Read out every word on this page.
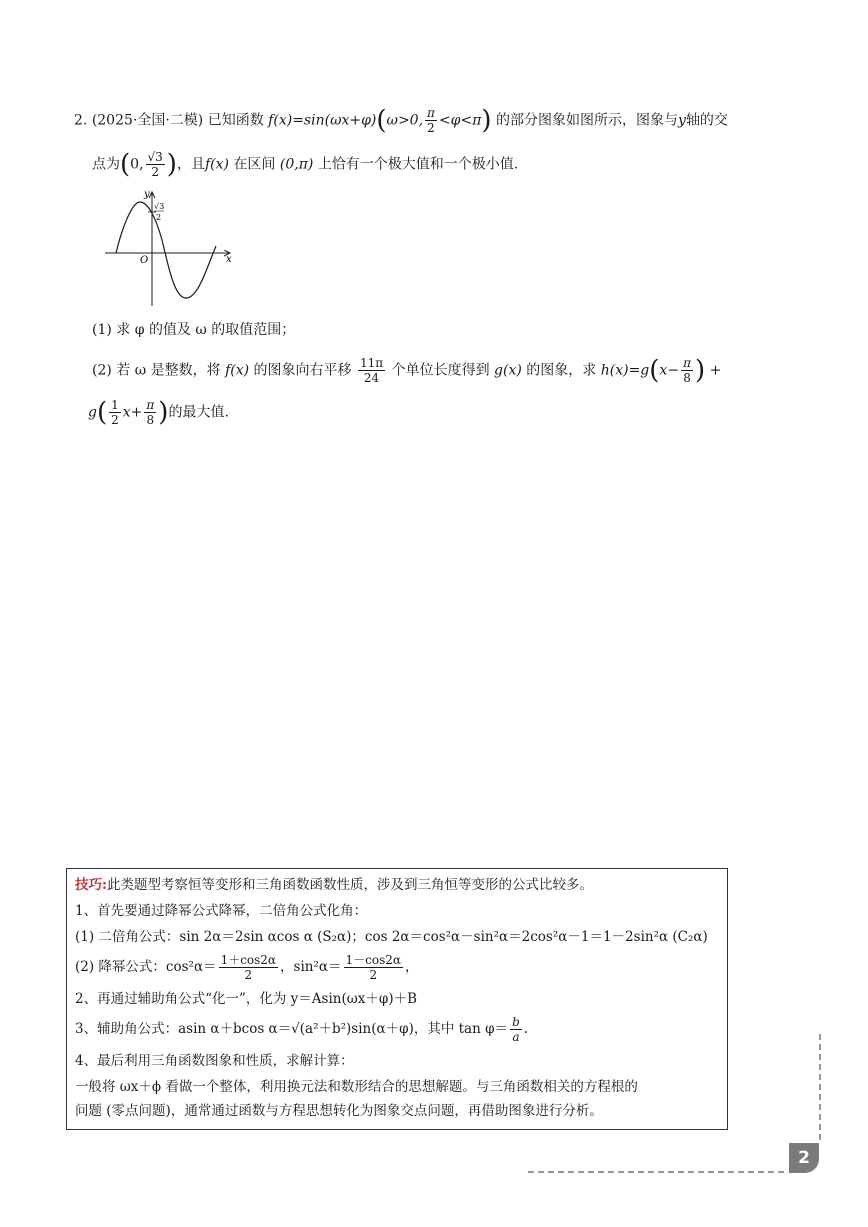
2. (2025·全国·二模) 已知函数 f(x)=sin(ωx+φ)(ω>0, $\frac{\pi}{2} <\varphi<\pi$) 的部分图象如图所示，图象与y轴的交
点为(0, $\frac{√3}{2}$ )，且f(x) 在区间 (0,π) 上恰有一个极大值和一个极小值.
y
x
O
√3
2
(1) 求 φ 的值及 ω 的取值范围；
(2) 若 ω 是整数，将 f(x) 的图象向右平移 $\frac{11\pi}{24}$ 个单位长度得到 g(x) 的图象，求 $h(x)=g(x- \frac{\pi}{8}$ ) +
$g( \frac{1}{2} x+ \frac{\pi}{8}$ )的最大值.
技巧:此类题型考察恒等变形和三角函数函数性质，涉及到三角恒等变形的公式比较多。
1、首先要通过降幂公式降幂，二倍角公式化角：
(1) 二倍角公式：sin 2α＝2sin αcos α (S₂α)；cos 2α＝cos²α－sin²α＝2cos²α－1＝1－2sin²α (C₂α)
(2) 降幂公式：$\cos^2\alpha= \frac{1+\cos 2\alpha}{2}$ ，$\sin^2\alpha= \frac{1-\cos 2\alpha}{2}$ ，
2、再通过辅助角公式“化一”，化为 y＝Asin(ωx＋φ)＋B
3、辅助角公式：asin α＋bcos α＝√(a²＋b²)sin(α＋φ)，其中 $\tan \varphi= \frac{b}{a}$ .
4、最后利用三角函数图象和性质，求解计算：
一般将 ωx＋ϕ 看做一个整体，利用换元法和数形结合的思想解题。与三角函数相关的方程根的
问题 (零点问题)，通常通过函数与方程思想转化为图象交点问题，再借助图象进行分析。
2
